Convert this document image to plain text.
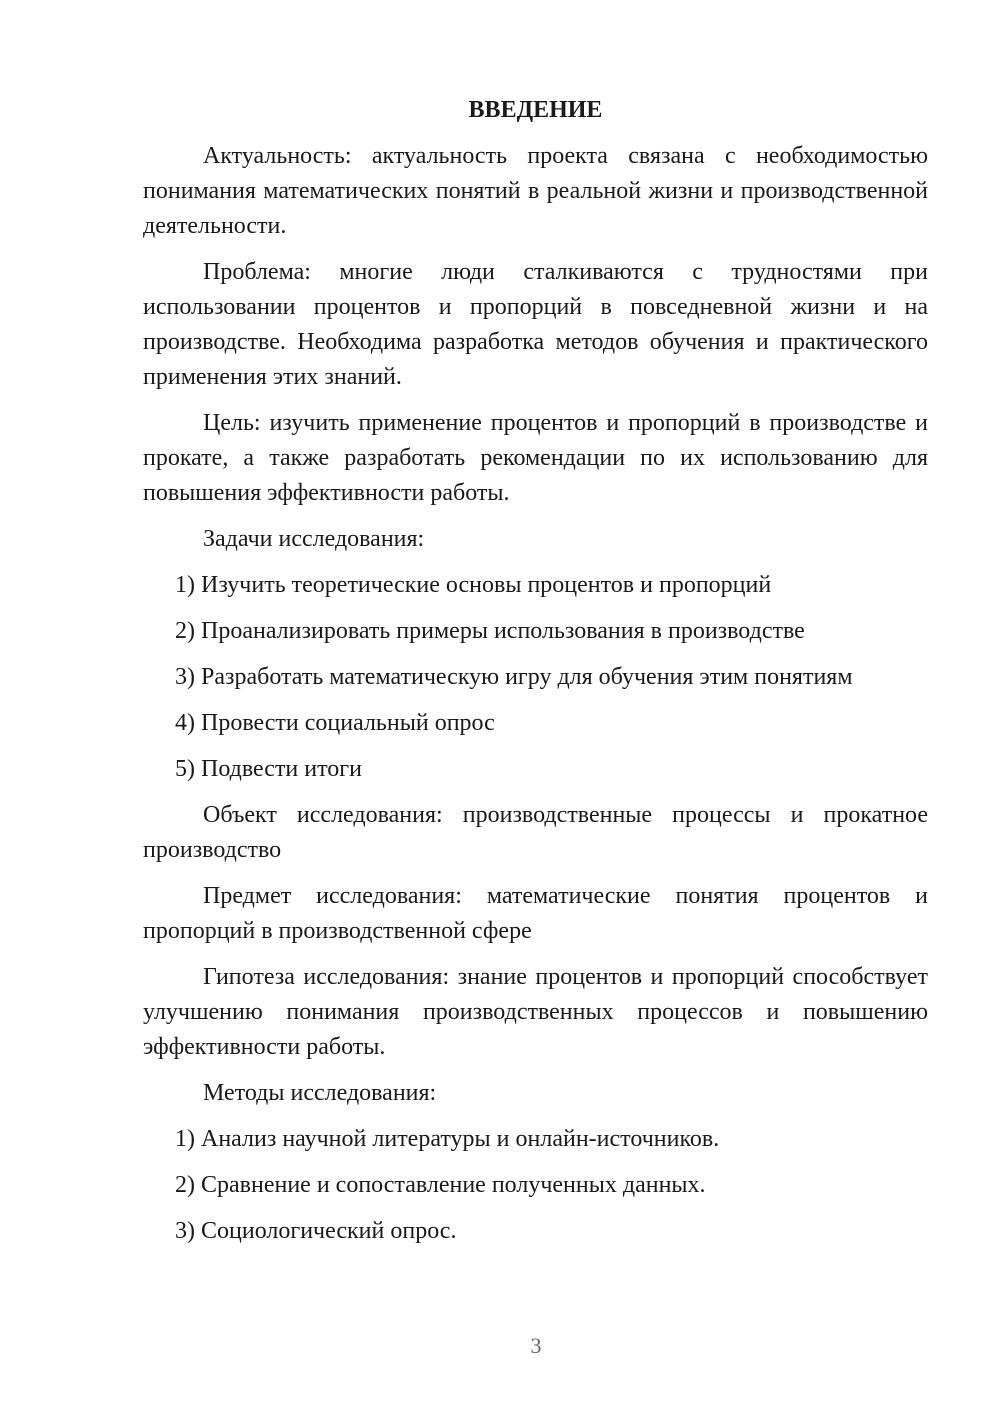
ВВЕДЕНИЕ

Актуальность: актуальность проекта связана с необходимостью понимания математических понятий в реальной жизни и производственной деятельности.

Проблема: многие люди сталкиваются с трудностями при использовании процентов и пропорций в повседневной жизни и на производстве. Необходима разработка методов обучения и практического применения этих знаний.

Цель: изучить применение процентов и пропорций в производстве и прокате, а также разработать рекомендации по их использованию для повышения эффективности работы.

Задачи исследования:

1) Изучить теоретические основы процентов и пропорций
2) Проанализировать примеры использования в производстве
3) Разработать математическую игру для обучения этим понятиям
4) Провести социальный опрос
5) Подвести итоги

Объект исследования: производственные процессы и прокатное производство

Предмет исследования: математические понятия процентов и пропорций в производственной сфере

Гипотеза исследования: знание процентов и пропорций способствует улучшению понимания производственных процессов и повышению эффективности работы.

Методы исследования:

1) Анализ научной литературы и онлайн-источников.
2) Сравнение и сопоставление полученных данных.
3) Социологический опрос.
3
